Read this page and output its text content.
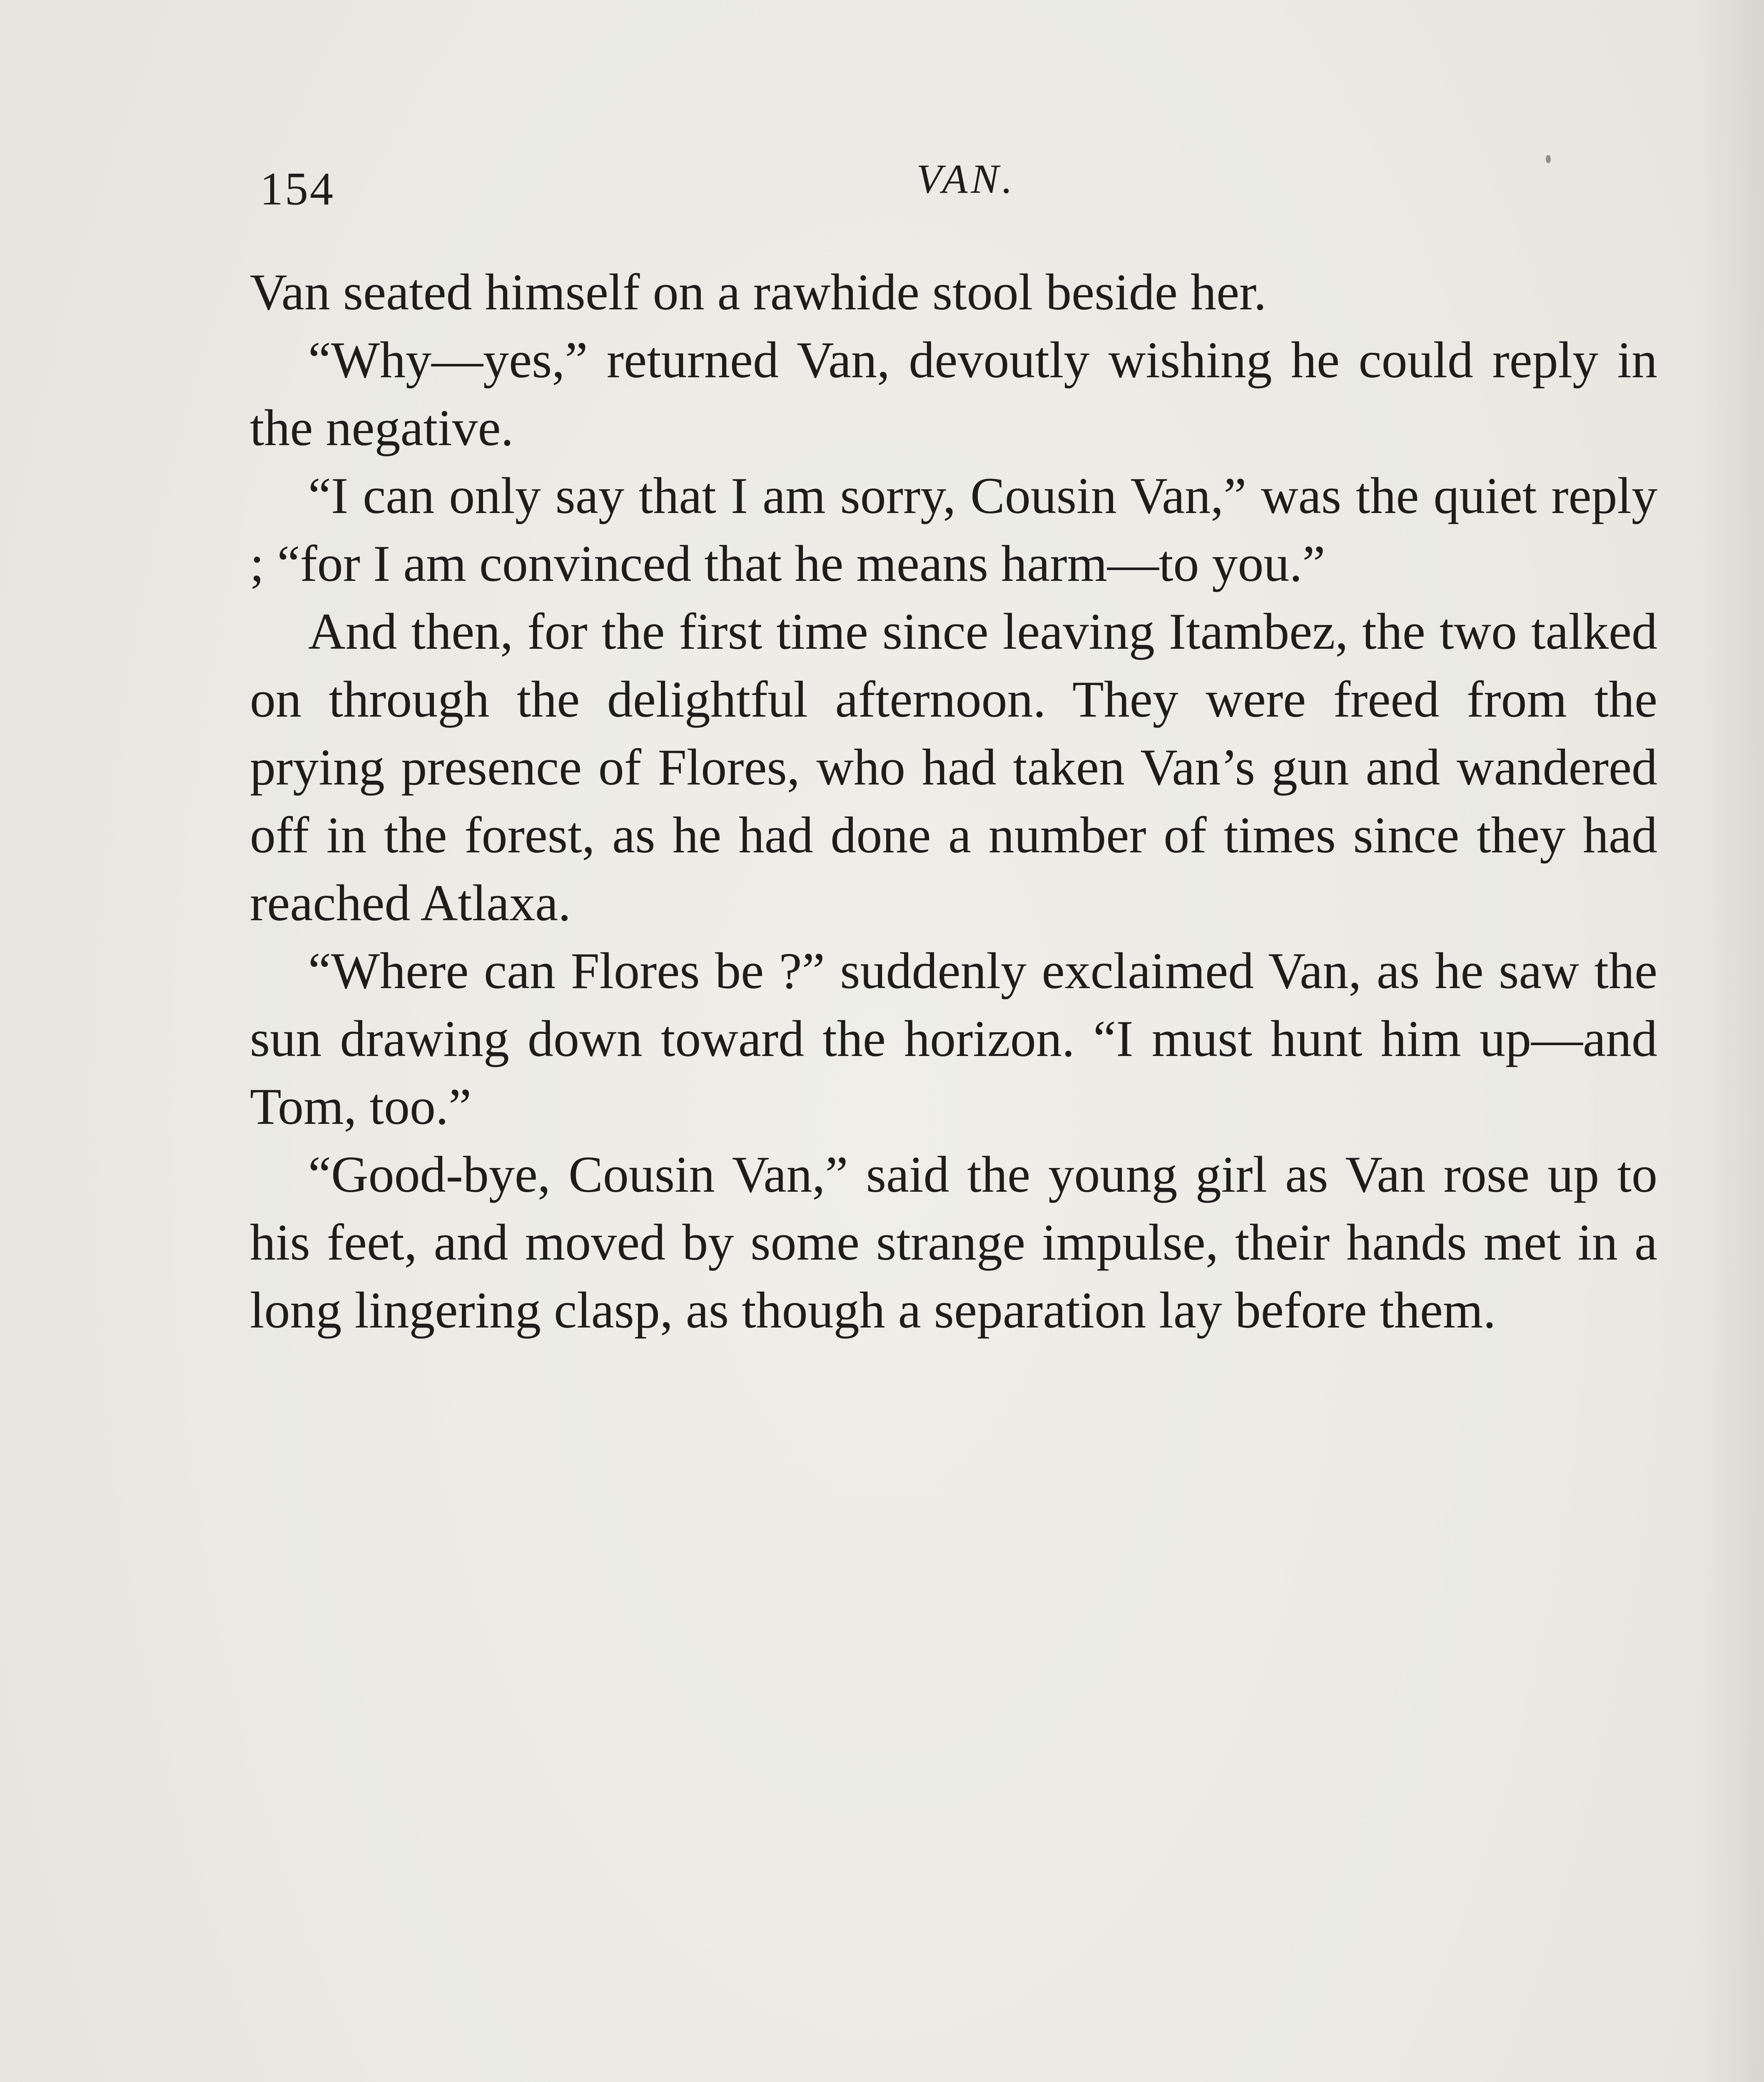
154	VAN.

Van seated himself on a rawhide stool beside her.

“Why—yes,” returned Van, devoutly wishing he could reply in the negative.

“I can only say that I am sorry, Cousin Van,” was the quiet reply ; “for I am convinced that he means harm—to you.”

And then, for the first time since leaving Itambez, the two talked on through the delightful afternoon. They were freed from the prying presence of Flores, who had taken Van’s gun and wandered off in the forest, as he had done a number of times since they had reached Atlaxa.

“Where can Flores be ?” suddenly exclaimed Van, as he saw the sun drawing down toward the horizon. “I must hunt him up—and Tom, too.”

“Good-bye, Cousin Van,” said the young girl as Van rose up to his feet, and moved by some strange impulse, their hands met in a long lingering clasp, as though a separation lay before them.
